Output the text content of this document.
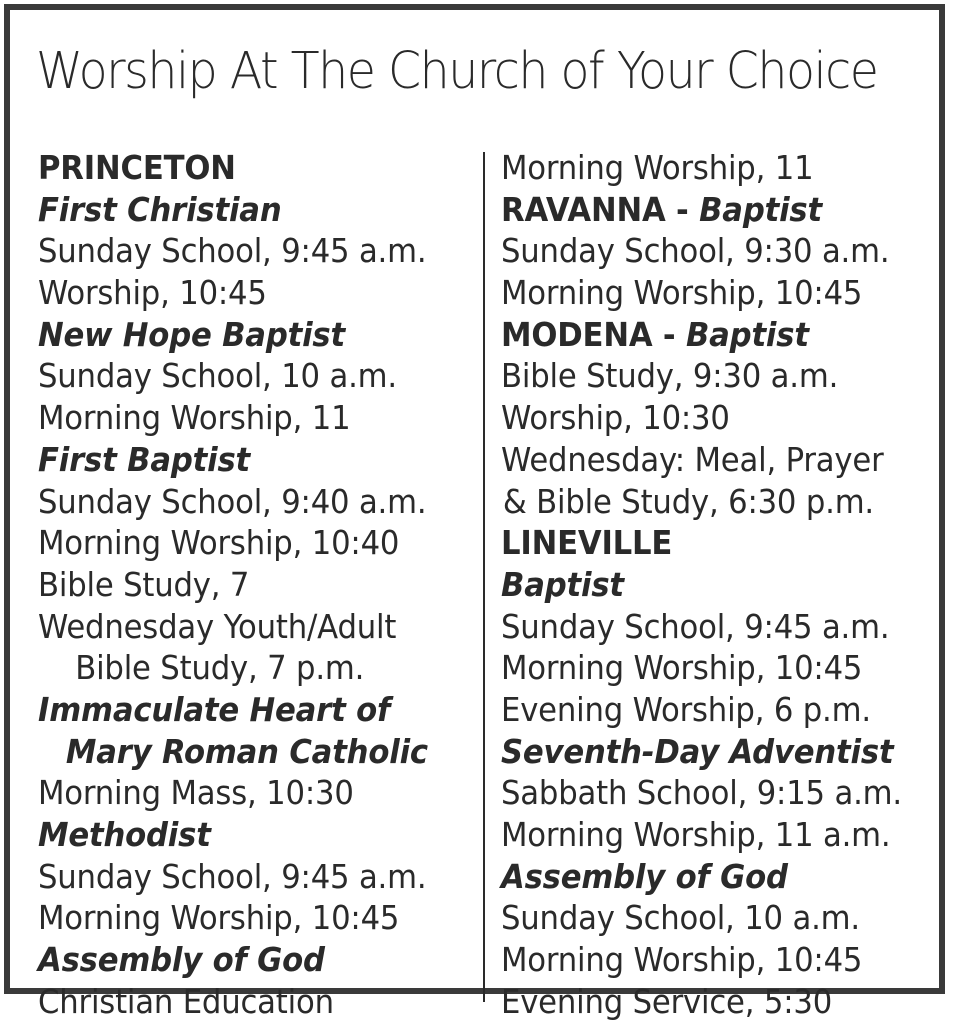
Worship At The Church of Your Choice
PRINCETON
First Christian
Sunday School, 9:45 a.m.
Worship, 10:45
New Hope Baptist
Sunday School, 10 a.m.
Morning Worship, 11
First Baptist
Sunday School, 9:40 a.m.
Morning Worship, 10:40
Bible Study, 7
Wednesday Youth/Adult
Bible Study, 7 p.m.
Immaculate Heart of
Mary Roman Catholic
Morning Mass, 10:30
Methodist
Sunday School, 9:45 a.m.
Morning Worship, 10:45
Assembly of God
Christian Education
Morning Worship, 11
RAVANNA - Baptist
Sunday School, 9:30 a.m.
Morning Worship, 10:45
MODENA - Baptist
Bible Study, 9:30 a.m.
Worship, 10:30
Wednesday: Meal, Prayer
& Bible Study, 6:30 p.m.
LINEVILLE
Baptist
Sunday School, 9:45 a.m.
Morning Worship, 10:45
Evening Worship, 6 p.m.
Seventh-Day Adventist
Sabbath School, 9:15 a.m.
Morning Worship, 11 a.m.
Assembly of God
Sunday School, 10 a.m.
Morning Worship, 10:45
Evening Service, 5:30
